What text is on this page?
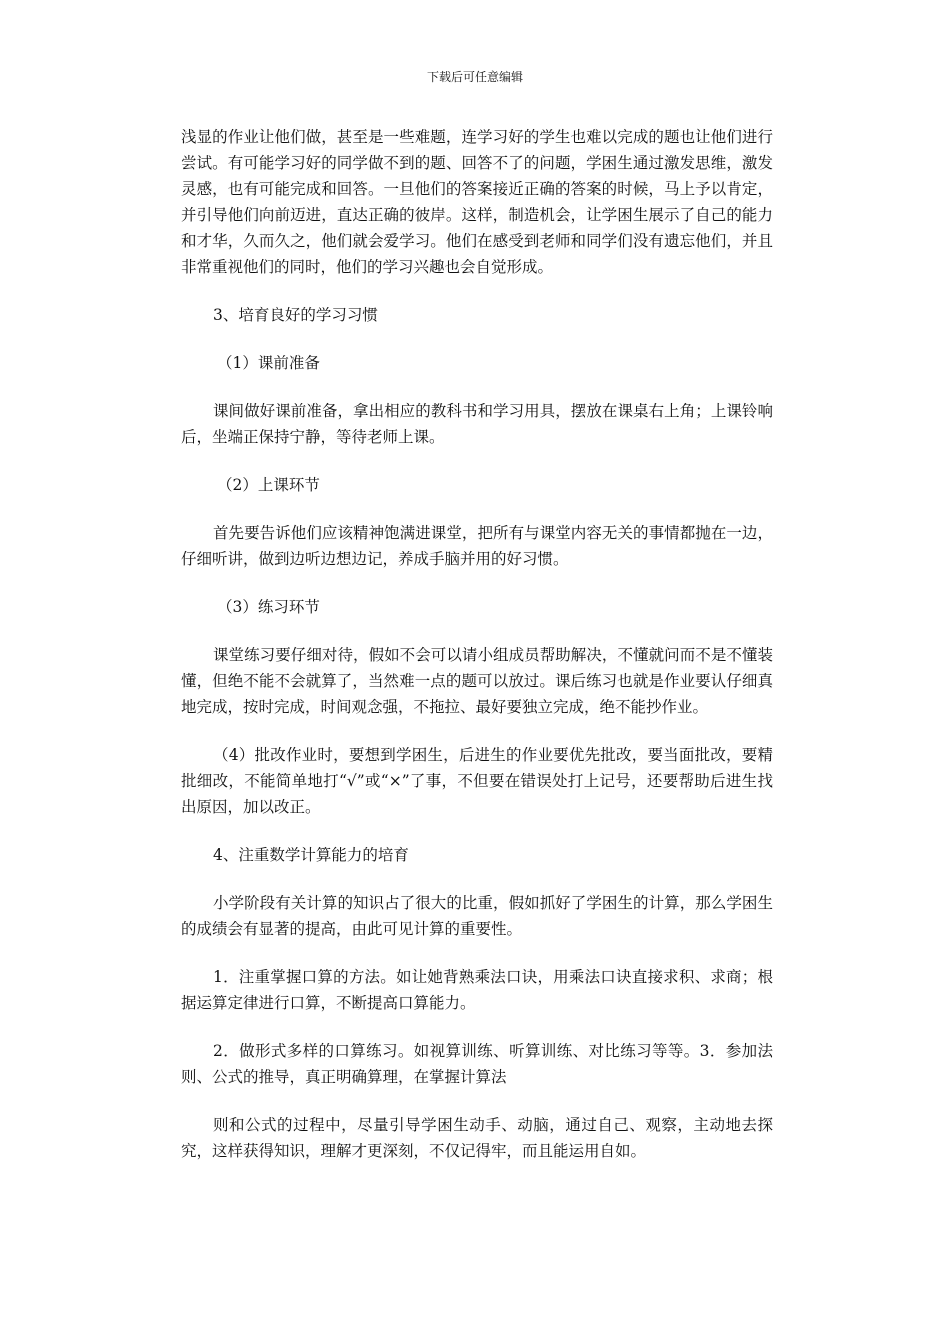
下载后可任意编辑

浅显的作业让他们做，甚至是一些难题，连学习好的学生也难以完成的题也让他们进行尝试。有可能学习好的同学做不到的题、回答不了的问题，学困生通过激发思维，激发灵感，也有可能完成和回答。一旦他们的答案接近正确的答案的时候，马上予以肯定，并引导他们向前迈进，直达正确的彼岸。这样，制造机会，让学困生展示了自己的能力和才华，久而久之，他们就会爱学习。他们在感受到老师和同学们没有遗忘他们，并且非常重视他们的同时，他们的学习兴趣也会自觉形成。

3、培育良好的学习习惯

（1）课前准备

课间做好课前准备，拿出相应的教科书和学习用具，摆放在课桌右上角；上课铃响后，坐端正保持宁静，等待老师上课。

（2）上课环节

首先要告诉他们应该精神饱满进课堂，把所有与课堂内容无关的事情都抛在一边，仔细听讲，做到边听边想边记，养成手脑并用的好习惯。

（3）练习环节

课堂练习要仔细对待，假如不会可以请小组成员帮助解决，不懂就问而不是不懂装懂，但绝不能不会就算了，当然难一点的题可以放过。课后练习也就是作业要认仔细真地完成，按时完成，时间观念强，不拖拉、最好要独立完成，绝不能抄作业。

（4）批改作业时，要想到学困生，后进生的作业要优先批改，要当面批改，要精批细改，不能简单地打“√”或“×”了事，不但要在错误处打上记号，还要帮助后进生找出原因，加以改正。

4、注重数学计算能力的培育

小学阶段有关计算的知识占了很大的比重，假如抓好了学困生的计算，那么学困生的成绩会有显著的提高，由此可见计算的重要性。

1．注重掌握口算的方法。如让她背熟乘法口诀，用乘法口诀直接求积、求商；根据运算定律进行口算，不断提高口算能力。

2．做形式多样的口算练习。如视算训练、听算训练、对比练习等等。3．参加法则、公式的推导，真正明确算理，在掌握计算法

则和公式的过程中，尽量引导学困生动手、动脑，通过自己、观察，主动地去探究，这样获得知识，理解才更深刻，不仅记得牢，而且能运用自如。
